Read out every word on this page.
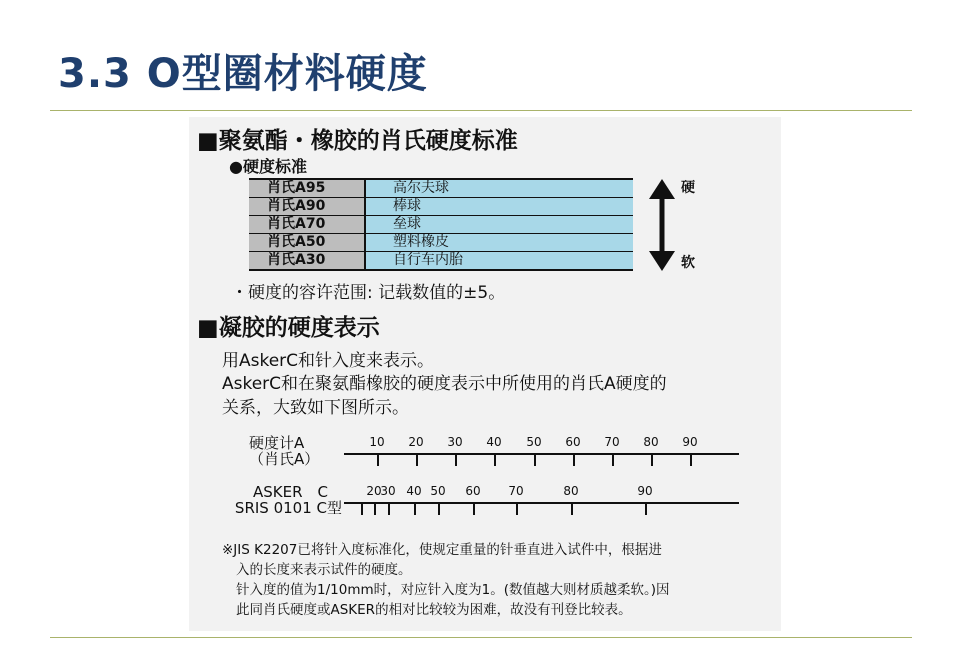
3.3 O型圈材料硬度
■聚氨酯・橡胶的肖氏硬度标准
●硬度标准
肖氏A95	高尔夫球
肖氏A90	棒球
肖氏A70	垒球
肖氏A50	塑料橡皮
肖氏A30	自行车内胎
硬
软
・硬度的容许范围: 记载数值的±5。
■凝胶的硬度表示
用AskerC和针入度来表示。
AskerC和在聚氨酯橡胶的硬度表示中所使用的肖氏A硬度的
关系，大致如下图所示。
硬度计A
（肖氏A）
ASKER　C
SRIS 0101 C型
※JIS K2207已将针入度标准化，使规定重量的针垂直进入试件中，根据进
入的长度来表示试件的硬度。
针入度的值为1/10mm时，对应针入度为1。(数值越大则材质越柔软。)因
此同肖氏硬度或ASKER的相对比较较为困难，故没有刊登比较表。
10 20 30 40 50 60 70 80 90
20
30 40 50 60 70	80	90
